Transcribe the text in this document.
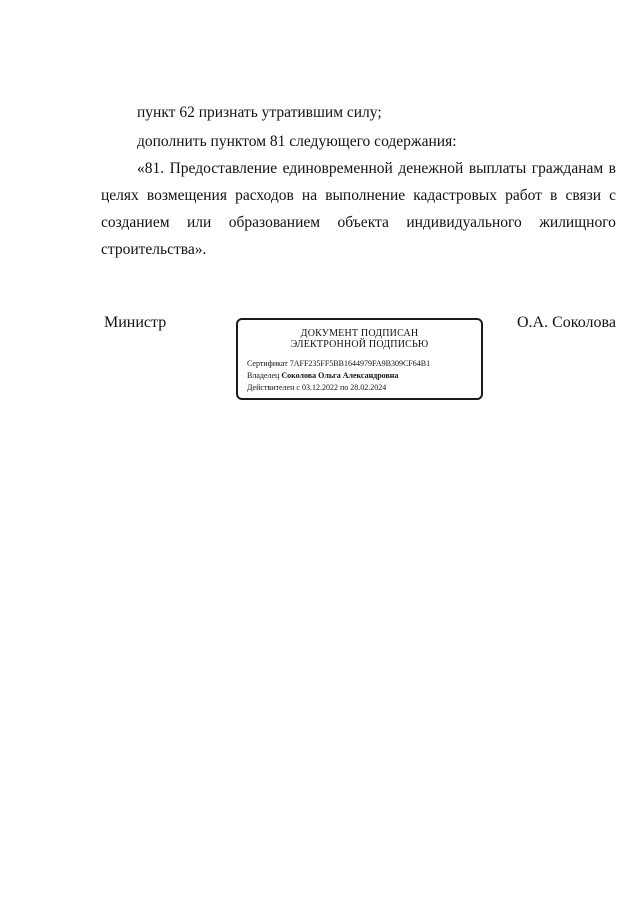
пункт 62 признать утратившим силу;
дополнить пунктом 81 следующего содержания:
«81. Предоставление единовременной денежной выплаты гражданам в
целях возмещения расходов на выполнение кадастровых работ в связи с
созданием или образованием объекта индивидуального жилищного
строительства».
Министр
ДОКУМЕНТ ПОДПИСАН
ЭЛЕКТРОННОЙ ПОДПИСЬЮ
Сертификат 7AFF235FF5BB1644979FA9B309CF64B1
Владелец Соколова Ольга Александровна
Действителен с 03.12.2022 по 28.02.2024
О.А. Соколова
